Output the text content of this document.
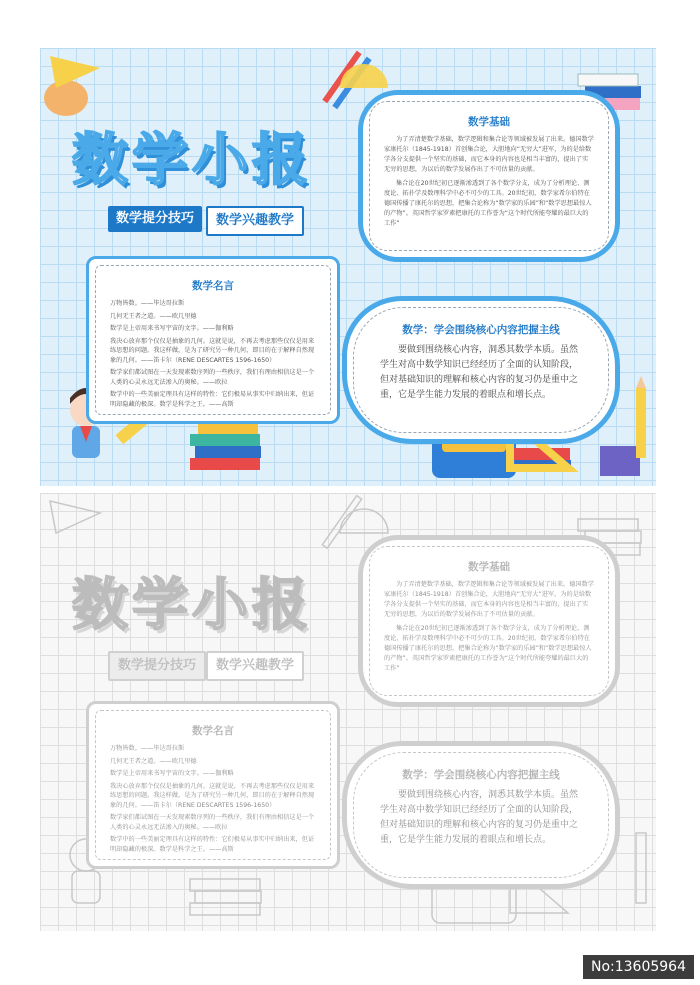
数学小报
数学提分技巧	数学兴趣教学
数学基础

为了弄清楚数学基础，数学逻辑和集合论等领域被发展了出来。德国数学家康托尔（1845-1918）首创集合论，大胆地向“无穷大”进军，为的是给数学各分支提供一个坚实的基础，而它本身的内容也是相当丰富的，提出了实无穷的思想，为以后的数学发展作出了不可估量的贡献。

集合论在20世纪初已逐渐渗透到了各个数学分支，成为了分析理论、测度论、拓扑学及数理科学中必不可少的工具。20世纪初，数学家希尔伯特在德国传播了康托尔的思想，把集合论称为“数学家的乐园”和“数学思想最惊人的产物”。英国哲学家罗素把康托的工作誉为“这个时代所能夸耀的最巨大的工作”

数学名言

万物皆数。——毕达哥拉斯

几何无王者之道。——欧几里德

数学是上帝用来书写宇宙的文字。——伽利略

我决心放弃那个仅仅是抽象的几何。这就是说，不再去考虑那些仅仅是用来练思想的问题。我这样做，是为了研究另一种几何，即目的在于解释自然现象的几何。——笛卡尔（RENE DESCARTES 1596-1650）

数学家们都试图在一天发现素数序列的一些秩序，我们有理由相信这是一个人类的心灵永远无法渗入的奥秘。——欧拉

数学中的一些美丽定理具有这样的特性：它们极易从事实中归纳出来，但证明却隐藏的极深。数学是科学之王。——高斯

数学：学会围绕核心内容把握主线

要做到围绕核心内容，洞悉其数学本质。虽然学生对高中数学知识已经经历了全面的认知阶段，但对基础知识的理解和核心内容的复习仍是重中之重，它是学生能力发展的着眼点和增长点。

数学小报
数学提分技巧	数学兴趣教学
数学基础

为了弄清楚数学基础，数学逻辑和集合论等领域被发展了出来。德国数学家康托尔（1845-1918）首创集合论，大胆地向“无穷大”进军，为的是给数学各分支提供一个坚实的基础，而它本身的内容也是相当丰富的，提出了实无穷的思想，为以后的数学发展作出了不可估量的贡献。

集合论在20世纪初已逐渐渗透到了各个数学分支，成为了分析理论、测度论、拓扑学及数理科学中必不可少的工具。20世纪初，数学家希尔伯特在德国传播了康托尔的思想，把集合论称为“数学家的乐园”和“数学思想最惊人的产物”。英国哲学家罗素把康托的工作誉为“这个时代所能夸耀的最巨大的工作”

数学名言

万物皆数。——毕达哥拉斯

几何无王者之道。——欧几里德

数学是上帝用来书写宇宙的文字。——伽利略

我决心放弃那个仅仅是抽象的几何。这就是说，不再去考虑那些仅仅是用来练思想的问题。我这样做，是为了研究另一种几何，即目的在于解释自然现象的几何。——笛卡尔（RENE DESCARTES 1596-1650）

数学家们都试图在一天发现素数序列的一些秩序，我们有理由相信这是一个人类的心灵永远无法渗入的奥秘。——欧拉

数学中的一些美丽定理具有这样的特性：它们极易从事实中归纳出来，但证明却隐藏的极深。数学是科学之王。——高斯

数学：学会围绕核心内容把握主线

要做到围绕核心内容，洞悉其数学本质。虽然学生对高中数学知识已经经历了全面的认知阶段，但对基础知识的理解和核心内容的复习仍是重中之重，它是学生能力发展的着眼点和增长点。

No:13605964
